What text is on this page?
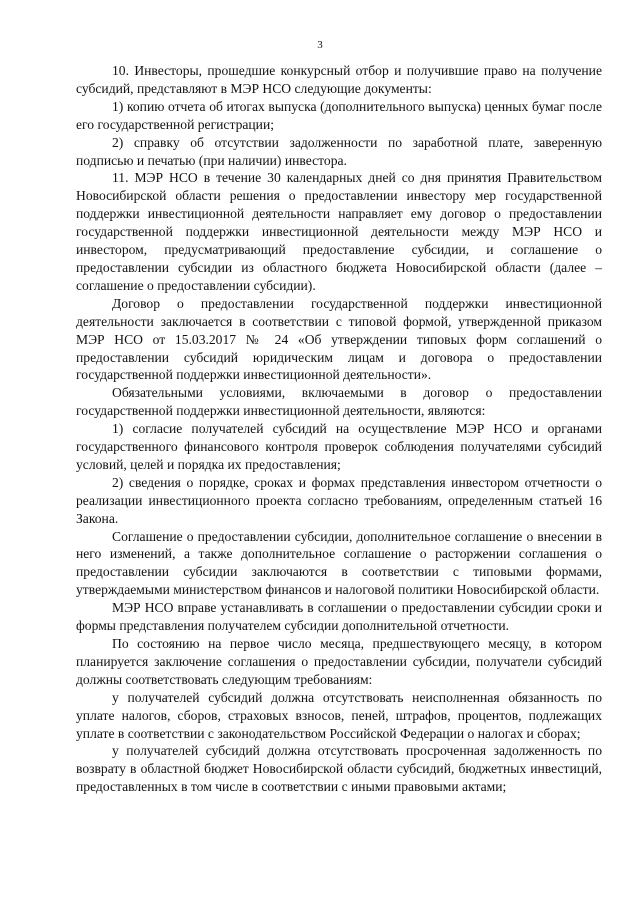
3

10. Инвесторы, прошедшие конкурсный отбор и получившие право на получение субсидий, представляют в МЭР НСО следующие документы:

1) копию отчета об итогах выпуска (дополнительного выпуска) ценных бумаг после его государственной регистрации;

2) справку об отсутствии задолженности по заработной плате, заверенную подписью и печатью (при наличии) инвестора.

11. МЭР НСО в течение 30 календарных дней со дня принятия Правительством Новосибирской области решения о предоставлении инвестору мер государственной поддержки инвестиционной деятельности направляет ему договор о предоставлении государственной поддержки инвестиционной деятельности между МЭР НСО и инвестором, предусматривающий предоставление субсидии, и соглашение о предоставлении субсидии из областного бюджета Новосибирской области (далее – соглашение о предоставлении субсидии).

Договор о предоставлении государственной поддержки инвестиционной деятельности заключается в соответствии с типовой формой, утвержденной приказом МЭР НСО от 15.03.2017 № 24 «Об утверждении типовых форм соглашений о предоставлении субсидий юридическим лицам и договора о предоставлении государственной поддержки инвестиционной деятельности».

Обязательными условиями, включаемыми в договор о предоставлении государственной поддержки инвестиционной деятельности, являются:

1) согласие получателей субсидий на осуществление МЭР НСО и органами государственного финансового контроля проверок соблюдения получателями субсидий условий, целей и порядка их предоставления;

2) сведения о порядке, сроках и формах представления инвестором отчетности о реализации инвестиционного проекта согласно требованиям, определенным статьей 16 Закона.

Соглашение о предоставлении субсидии, дополнительное соглашение о внесении в него изменений, а также дополнительное соглашение о расторжении соглашения о предоставлении субсидии заключаются в соответствии с типовыми формами, утверждаемыми министерством финансов и налоговой политики Новосибирской области.

МЭР НСО вправе устанавливать в соглашении о предоставлении субсидии сроки и формы представления получателем субсидии дополнительной отчетности.

По состоянию на первое число месяца, предшествующего месяцу, в котором планируется заключение соглашения о предоставлении субсидии, получатели субсидий должны соответствовать следующим требованиям:

у получателей субсидий должна отсутствовать неисполненная обязанность по уплате налогов, сборов, страховых взносов, пеней, штрафов, процентов, подлежащих уплате в соответствии с законодательством Российской Федерации о налогах и сборах;

у получателей субсидий должна отсутствовать просроченная задолженность по возврату в областной бюджет Новосибирской области субсидий, бюджетных инвестиций, предоставленных в том числе в соответствии с иными правовыми актами;
